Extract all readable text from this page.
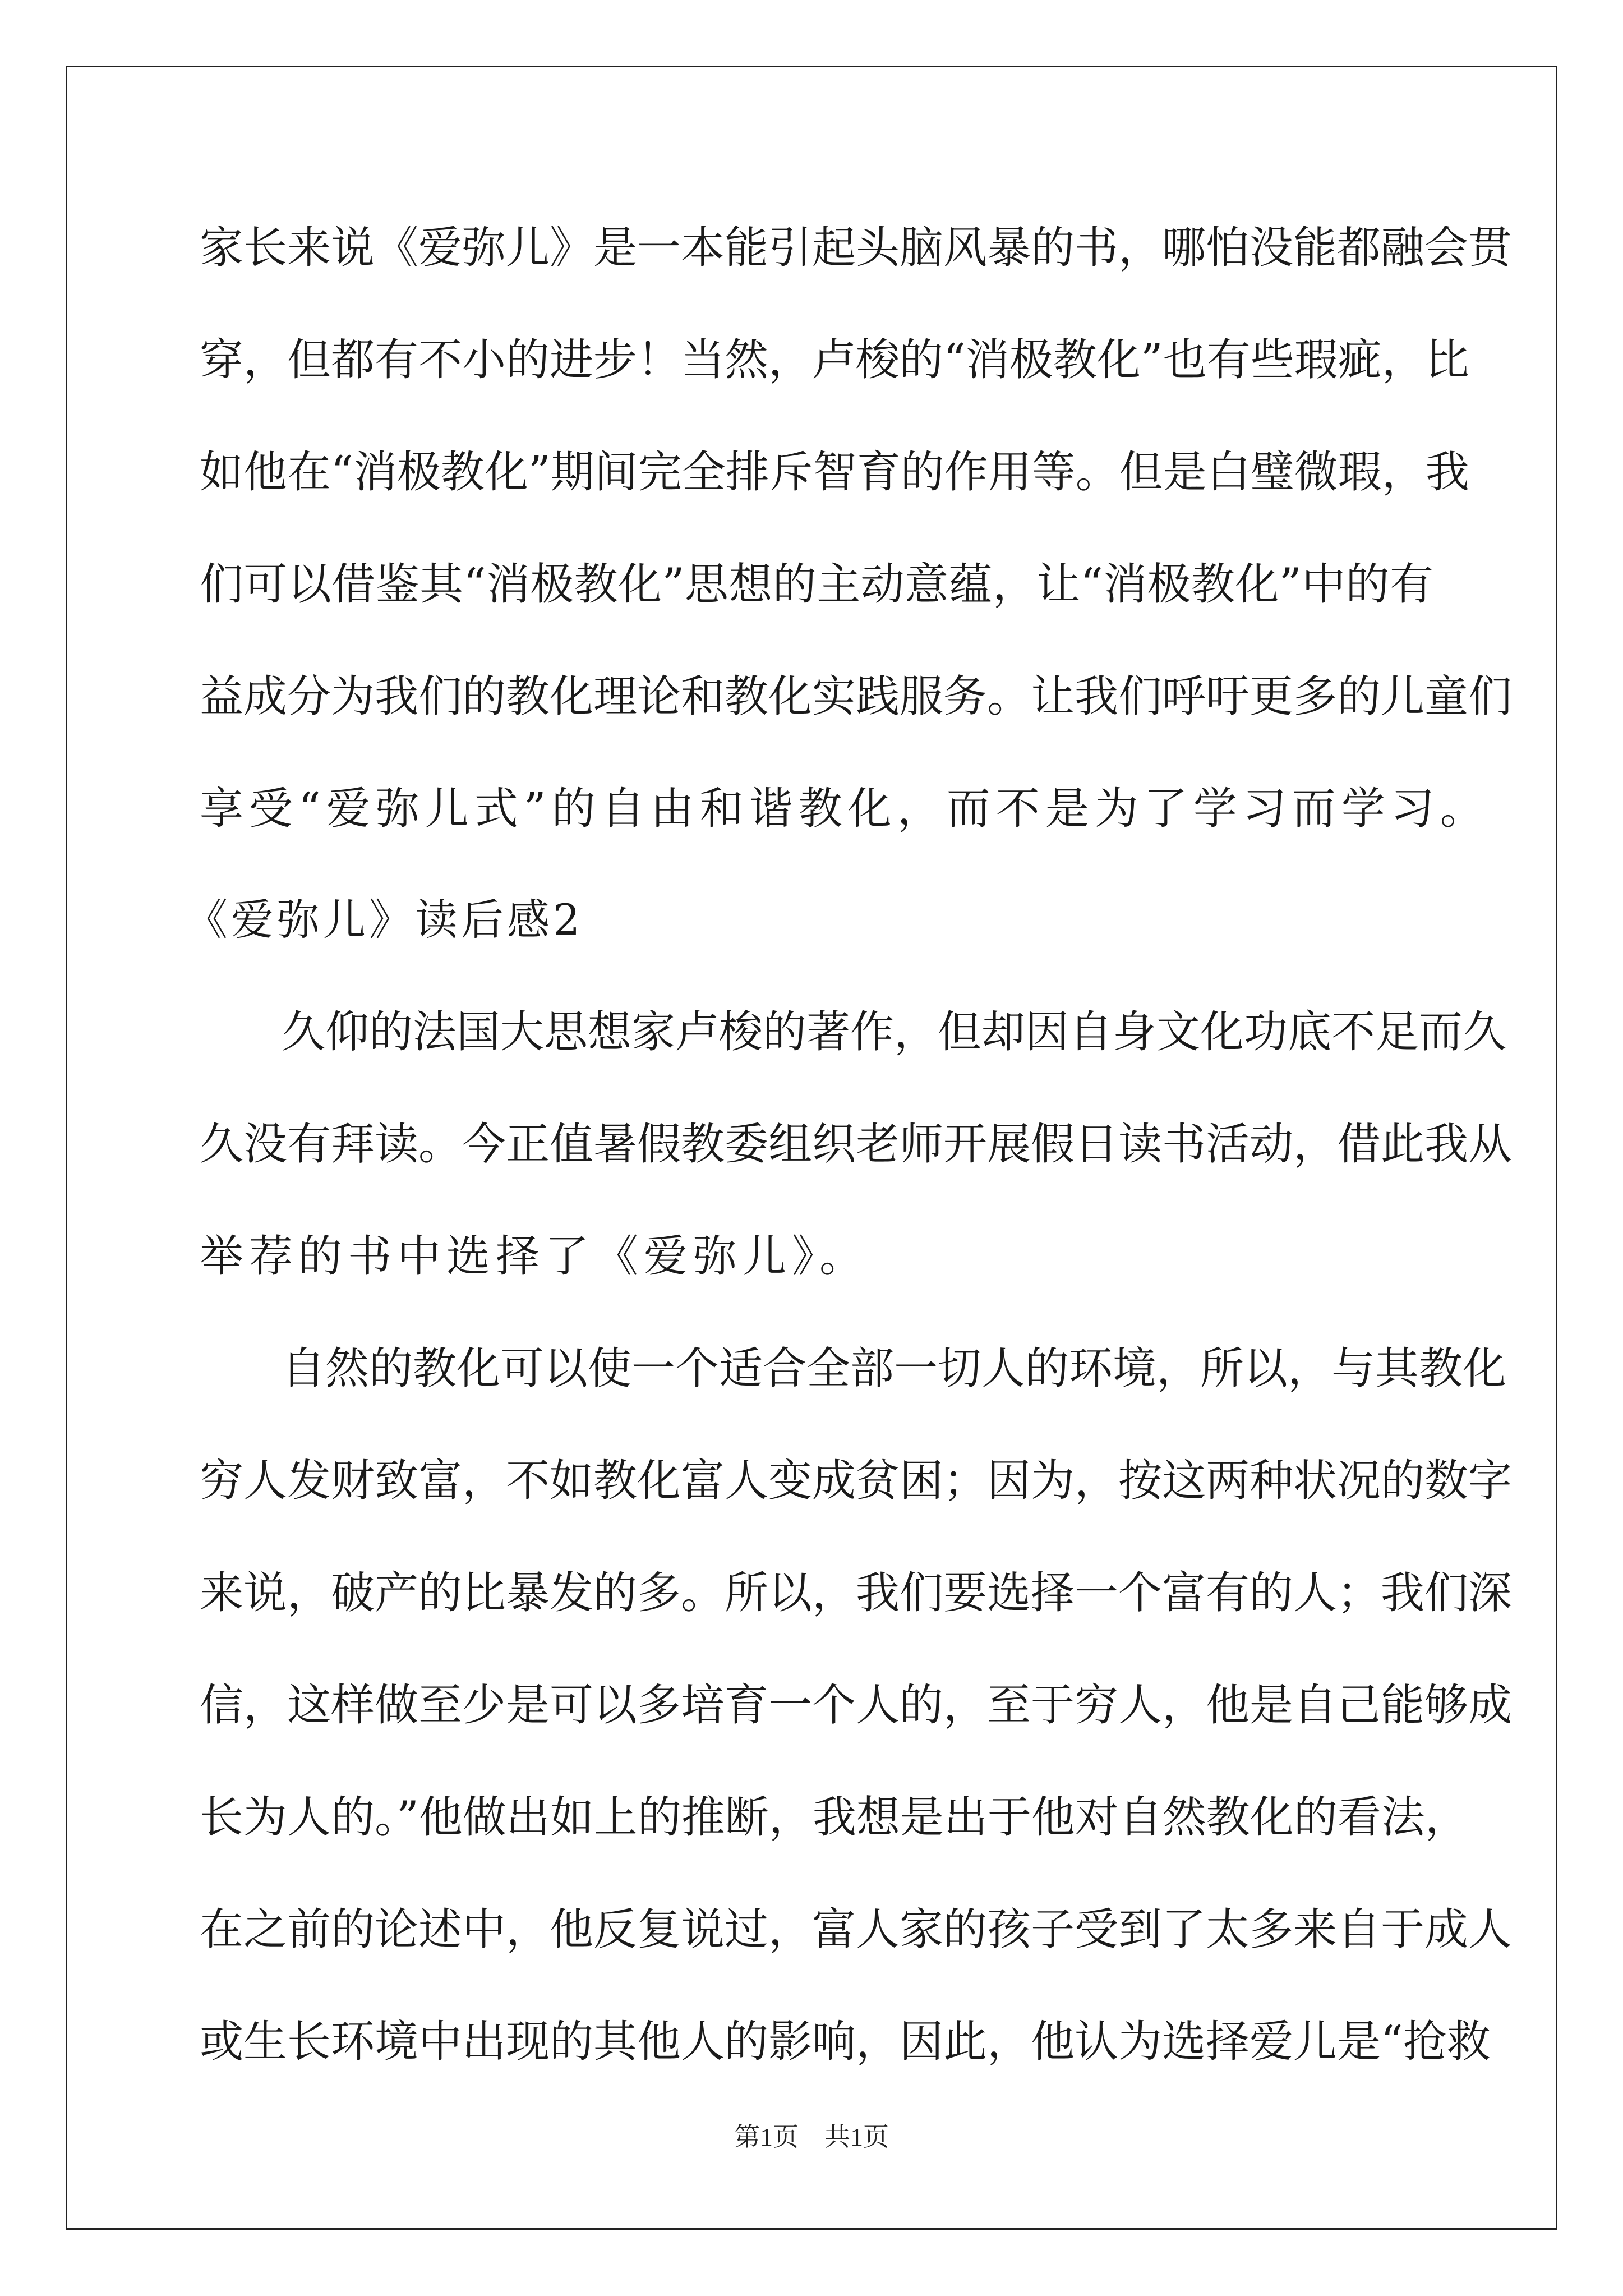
家长来说《爱弥儿》是一本能引起头脑风暴的书，哪怕没能都融会贯
穿，但都有不小的进步！当然，卢梭的“消极教化”也有些瑕疵，比
如他在“消极教化”期间完全排斥智育的作用等。但是白璧微瑕，我
们可以借鉴其“消极教化”思想的主动意蕴，让“消极教化”中的有
益成分为我们的教化理论和教化实践服务。让我们呼吁更多的儿童们
享受“爱弥儿式”的自由和谐教化，而不是为了学习而学习。
《爱弥儿》读后感2
久仰的法国大思想家卢梭的著作，但却因自身文化功底不足而久
久没有拜读。今正值暑假教委组织老师开展假日读书活动，借此我从
举荐的书中选择了《爱弥儿》。
自然的教化可以使一个适合全部一切人的环境，所以，与其教化
穷人发财致富，不如教化富人变成贫困；因为，按这两种状况的数字
来说，破产的比暴发的多。所以，我们要选择一个富有的人；我们深
信，这样做至少是可以多培育一个人的，至于穷人，他是自己能够成
长为人的。”他做出如上的推断，我想是出于他对自然教化的看法，
在之前的论述中，他反复说过，富人家的孩子受到了太多来自于成人
或生长环境中出现的其他人的影响，因此，他认为选择爱儿是“抢救
第1页　共1页
